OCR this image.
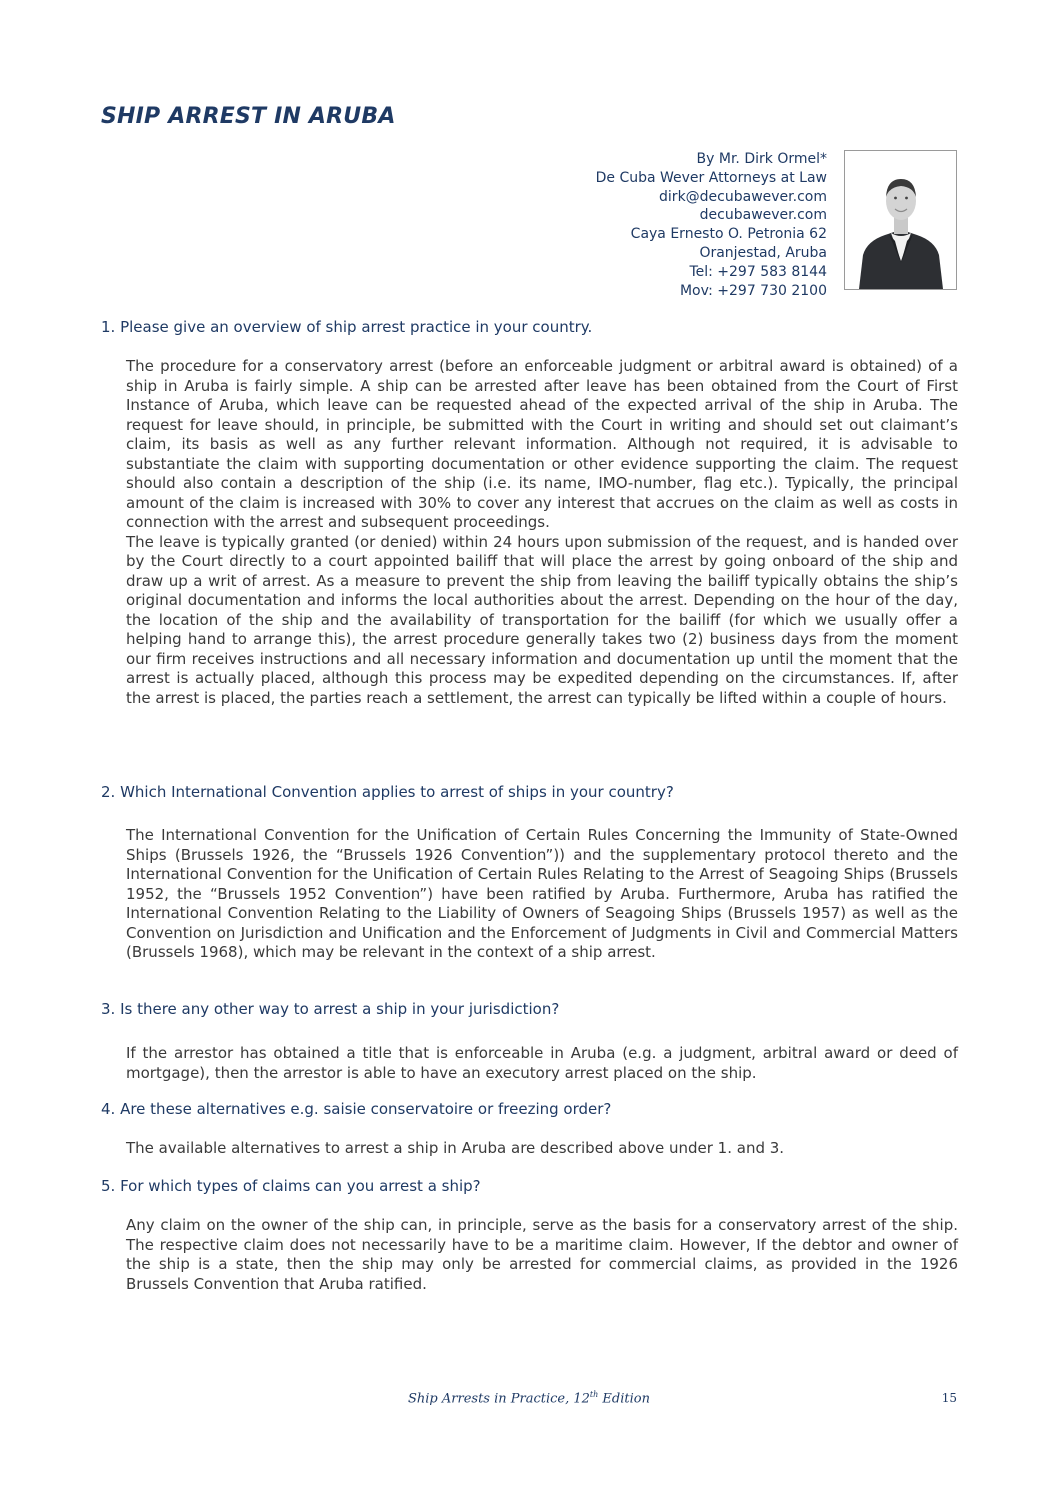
SHIP ARREST IN ARUBA
By Mr. Dirk Ormel*
De Cuba Wever Attorneys at Law
dirk@decubawever.com
decubawever.com
Caya Ernesto O. Petronia 62
Oranjestad, Aruba
Tel: +297 583 8144
Mov: +297 730 2100
1. Please give an overview of ship arrest practice in your country.

The procedure for a conservatory arrest (before an enforceable judgment or arbitral award is obtained) of a ship in Aruba is fairly simple. A ship can be arrested after leave has been obtained from the Court of First Instance of Aruba, which leave can be requested ahead of the expected arrival of the ship in Aruba. The request for leave should, in principle, be submitted with the Court in writing and should set out claimant’s claim, its basis as well as any further relevant information. Although not required, it is advisable to substantiate the claim with supporting documentation or other evidence supporting the claim. The request should also contain a description of the ship (i.e. its name, IMO-number, flag etc.). Typically, the principal amount of the claim is increased with 30% to cover any interest that accrues on the claim as well as costs in connection with the arrest and subsequent proceedings.

The leave is typically granted (or denied) within 24 hours upon submission of the request, and is handed over by the Court directly to a court appointed bailiff that will place the arrest by going onboard of the ship and draw up a writ of arrest. As a measure to prevent the ship from leaving the bailiff typically obtains the ship’s original documentation and informs the local authorities about the arrest. Depending on the hour of the day, the location of the ship and the availability of transportation for the bailiff (for which we usually offer a helping hand to arrange this), the arrest procedure generally takes two (2) business days from the moment our firm receives instructions and all necessary information and documentation up until the moment that the arrest is actually placed, although this process may be expedited depending on the circumstances. If, after the arrest is placed, the parties reach a settlement, the arrest can typically be lifted within a couple of hours.

2. Which International Convention applies to arrest of ships in your country?

The International Convention for the Unification of Certain Rules Concerning the Immunity of State-Owned Ships (Brussels 1926, the “Brussels 1926 Convention”)) and the supplementary protocol thereto and the International Convention for the Unification of Certain Rules Relating to the Arrest of Seagoing Ships (Brussels 1952, the “Brussels 1952 Convention”) have been ratified by Aruba. Furthermore, Aruba has ratified the International Convention Relating to the Liability of Owners of Seagoing Ships (Brussels 1957) as well as the Convention on Jurisdiction and Unification and the Enforcement of Judgments in Civil and Commercial Matters (Brussels 1968), which may be relevant in the context of a ship arrest.

3. Is there any other way to arrest a ship in your jurisdiction?

If the arrestor has obtained a title that is enforceable in Aruba (e.g. a judgment, arbitral award or deed of mortgage), then the arrestor is able to have an executory arrest placed on the ship.

4. Are these alternatives e.g. saisie conservatoire or freezing order?

The available alternatives to arrest a ship in Aruba are described above under 1. and 3.

5. For which types of claims can you arrest a ship?

Any claim on the owner of the ship can, in principle, serve as the basis for a conservatory arrest of the ship. The respective claim does not necessarily have to be a maritime claim. However, If the debtor and owner of the ship is a state, then the ship may only be arrested for commercial claims, as provided in the 1926 Brussels Convention that Aruba ratified.

Ship Arrests in Practice, 12th Edition	15
